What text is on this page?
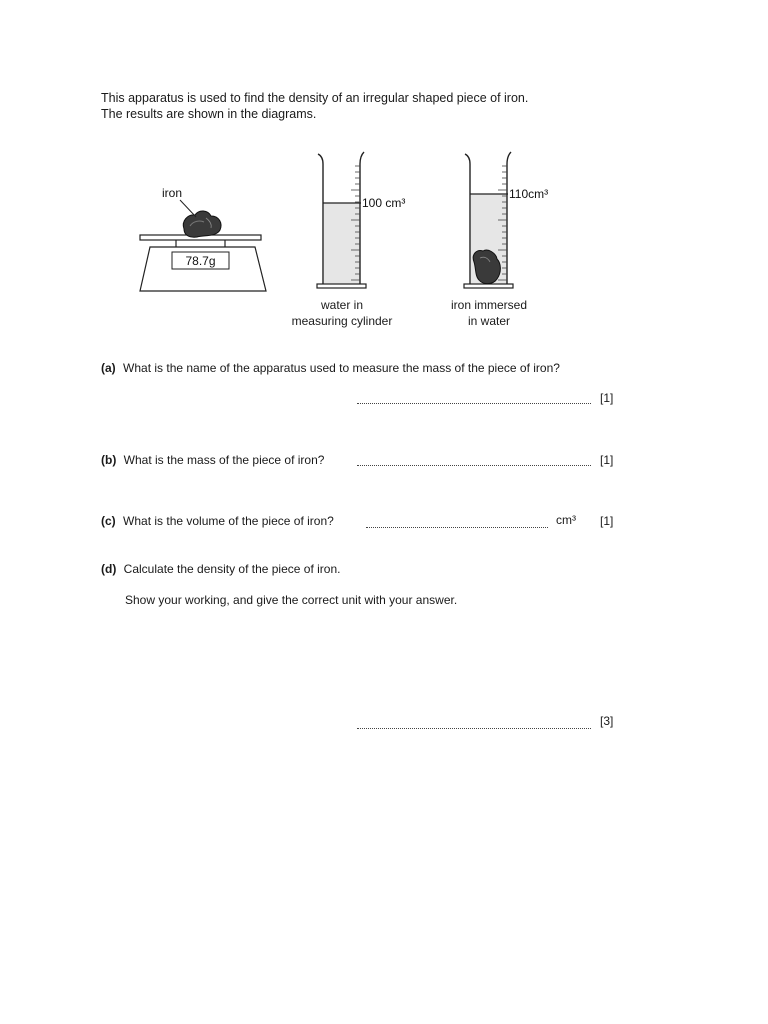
This apparatus is used to find the density of an irregular shaped piece of iron.
The results are shown in the diagrams.
78.7g
iron
100 cm³
110cm³
water in
measuring cylinder
iron immersed
in water
(a) What is the name of the apparatus used to measure the mass of the piece of iron?
[1]
(b) What is the mass of the piece of iron?	[1]
(c) What is the volume of the piece of iron?	cm³ [1]
(d) Calculate the density of the piece of iron.
Show your working, and give the correct unit with your answer.
[3]
